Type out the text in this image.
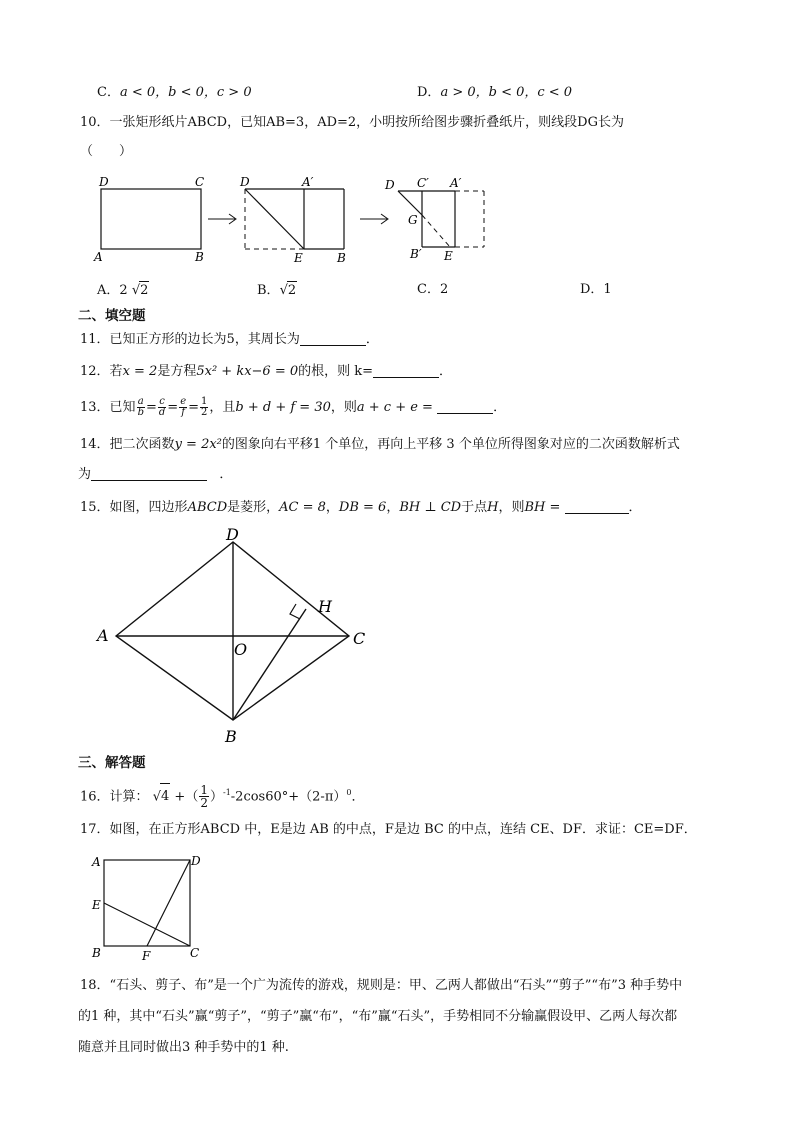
C．a < 0，b < 0，c > 0	D．a > 0，b < 0，c < 0
10．一张矩形纸片ABCD，已知AB=3，AD=2，小明按所给图步骤折叠纸片，则线段DG长为
（　　）
D	C
A	B
D	A′
E	B
D C′ A′
G
B′ E
A．2 √2	B．√2	C．2	D．1
二、填空题
11．已知正方形的边长为5，其周长为	．
12．若x = 2是方程5x² + kx−6 = 0的根，则 k=	．
13．已知 $\frac{a}{b} = \frac{c}{d} = \frac{e}{f} = \frac{1}{2}$ ，且b + d + f = 30，则a + c + e =	．
14．把二次函数y = 2x²的图象向右平移1 个单位，再向上平移 3 个单位所得图象对应的二次函数解析式
为	．
15．如图，四边形ABCD是菱形，AC = 8，DB = 6，BH ⊥ CD于点H，则BH =	．
D
H
A
O
C
B
三、解答题
16．计算： √4 +（ $\frac{1}{2} )^{-1}-2\cos 60^\circ+(2-\pi)^0$．
17．如图，在正方形ABCD 中，E是边 AB 的中点，F是边 BC 的中点，连结 CE、DF．求证：CE=DF．
A	D
E
B	F	C
18．“石头、剪子、布”是一个广为流传的游戏，规则是：甲、乙两人都做出“石头”“剪子”“布”3 种手势中
的1 种，其中“石头”赢“剪子”，“剪子”赢“布”，“布”赢“石头”，手势相同不分输赢假设甲、乙两人每次都
随意并且同时做出3 种手势中的1 种.
